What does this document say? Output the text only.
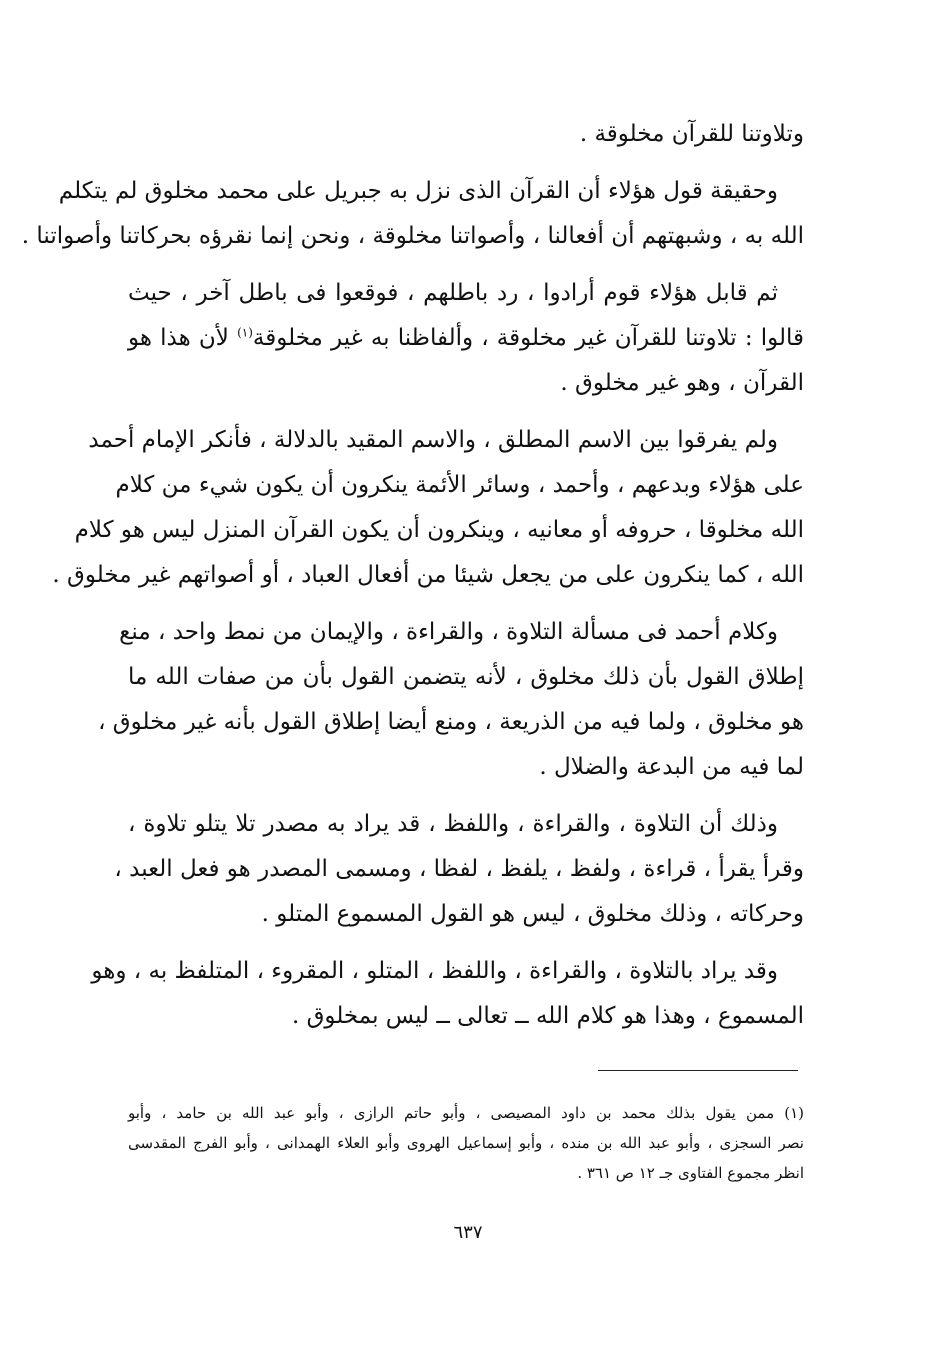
وتلاوتنا للقرآن مخلوقة .
وحقيقة قول هؤلاء أن القرآن الذى نزل به جبريل على محمد مخلوق لم يتكلم
الله به ، وشبهتهم أن أفعالنا ، وأصواتنا مخلوقة ، ونحن إنما نقرؤه بحركاتنا وأصواتنا .
ثم قابل هؤلاء قوم أرادوا ، رد باطلهم ، فوقعوا فى باطل آخر ، حيث
قالوا : تلاوتنا للقرآن غير مخلوقة ، وألفاظنا به غير مخلوقة$^{(١)}$ لأن هذا هو
القرآن ، وهو غير مخلوق .
ولم يفرقوا بين الاسم المطلق ، والاسم المقيد بالدلالة ، فأنكر الإمام أحمد
على هؤلاء وبدعهم ، وأحمد ، وسائر الأئمة ينكرون أن يكون شيء من كلام
الله مخلوقا ، حروفه أو معانيه ، وينكرون أن يكون القرآن المنزل ليس هو كلام
الله ، كما ينكرون على من يجعل شيئا من أفعال العباد ، أو أصواتهم غير مخلوق .
وكلام أحمد فى مسألة التلاوة ، والقراءة ، والإيمان من نمط واحد ، منع
إطلاق القول بأن ذلك مخلوق ، لأنه يتضمن القول بأن من صفات الله ما
هو مخلوق ، ولما فيه من الذريعة ، ومنع أيضا إطلاق القول بأنه غير مخلوق ،
لما فيه من البدعة والضلال .
وذلك أن التلاوة ، والقراءة ، واللفظ ، قد يراد به مصدر تلا يتلو تلاوة ،
وقرأ يقرأ ، قراءة ، ولفظ ، يلفظ ، لفظا ، ومسمى المصدر هو فعل العبد ،
وحركاته ، وذلك مخلوق ، ليس هو القول المسموع المتلو .
وقد يراد بالتلاوة ، والقراءة ، واللفظ ، المتلو ، المقروء ، المتلفظ به ، وهو
المسموع ، وهذا هو كلام الله ــ تعالى ــ ليس بمخلوق .
(١) ممن يقول بذلك محمد بن داود المصيصى ، وأبو حاتم الرازى ، وأبو عبد الله بن حامد ، وأبو
نصر السجزى ، وأبو عبد الله بن منده ، وأبو إسماعيل الهروى وأبو العلاء الهمدانى ، وأبو الفرج المقدسى
انظر مجموع الفتاوى جـ ١٢ ص ٣٦١ .
٦٣٧
